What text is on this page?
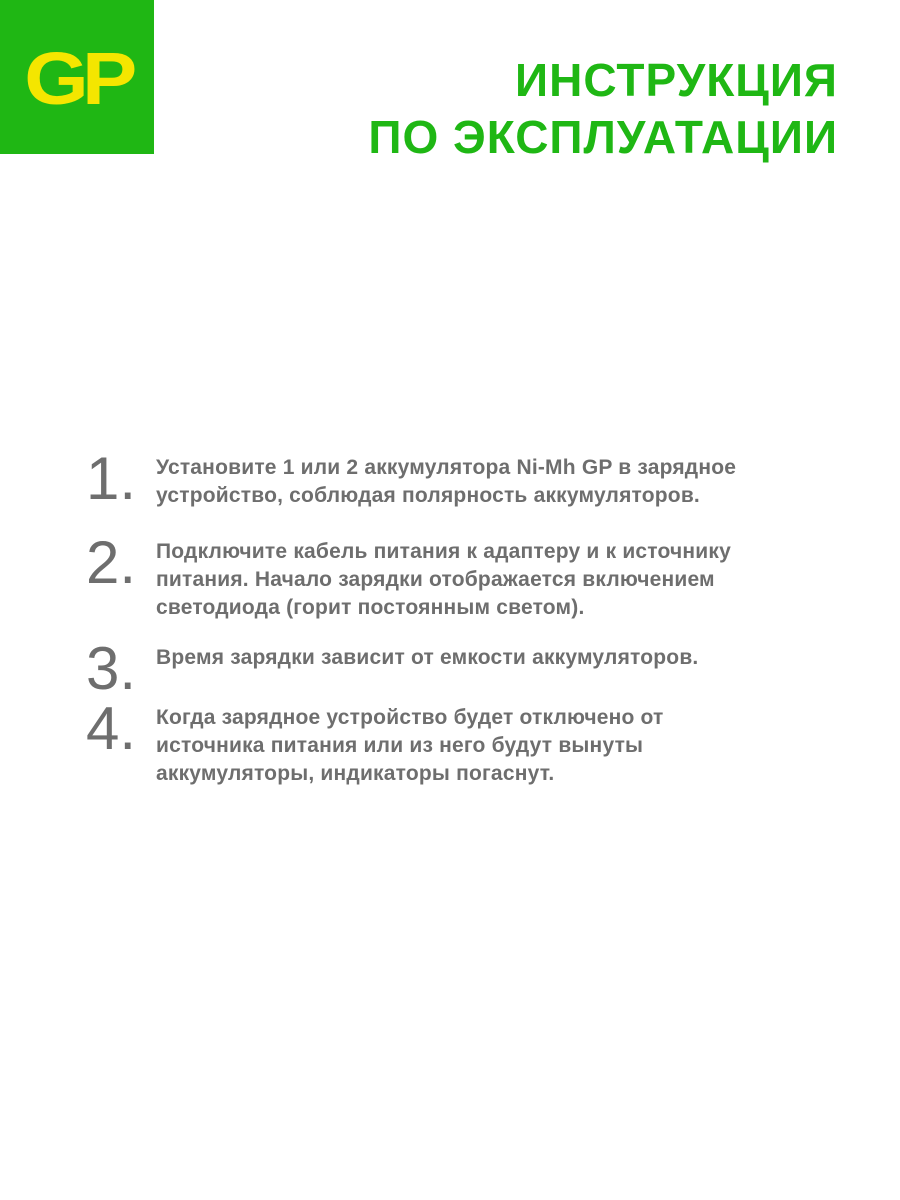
GP	ИНСТРУКЦИЯ
ПО ЭКСПЛУАТАЦИИ
1. Установите 1 или 2 аккумулятора Ni-Mh GP в зарядное устройство, соблюдая полярность аккумуляторов.
2. Подключите кабель питания к адаптеру и к источнику питания. Начало зарядки отображается включением светодиода (горит постоянным светом).
3. Время зарядки зависит от емкости аккумуляторов.
4. Когда зарядное устройство будет отключено от источника питания или из него будут вынуты аккумуляторы, индикаторы погаснут.
